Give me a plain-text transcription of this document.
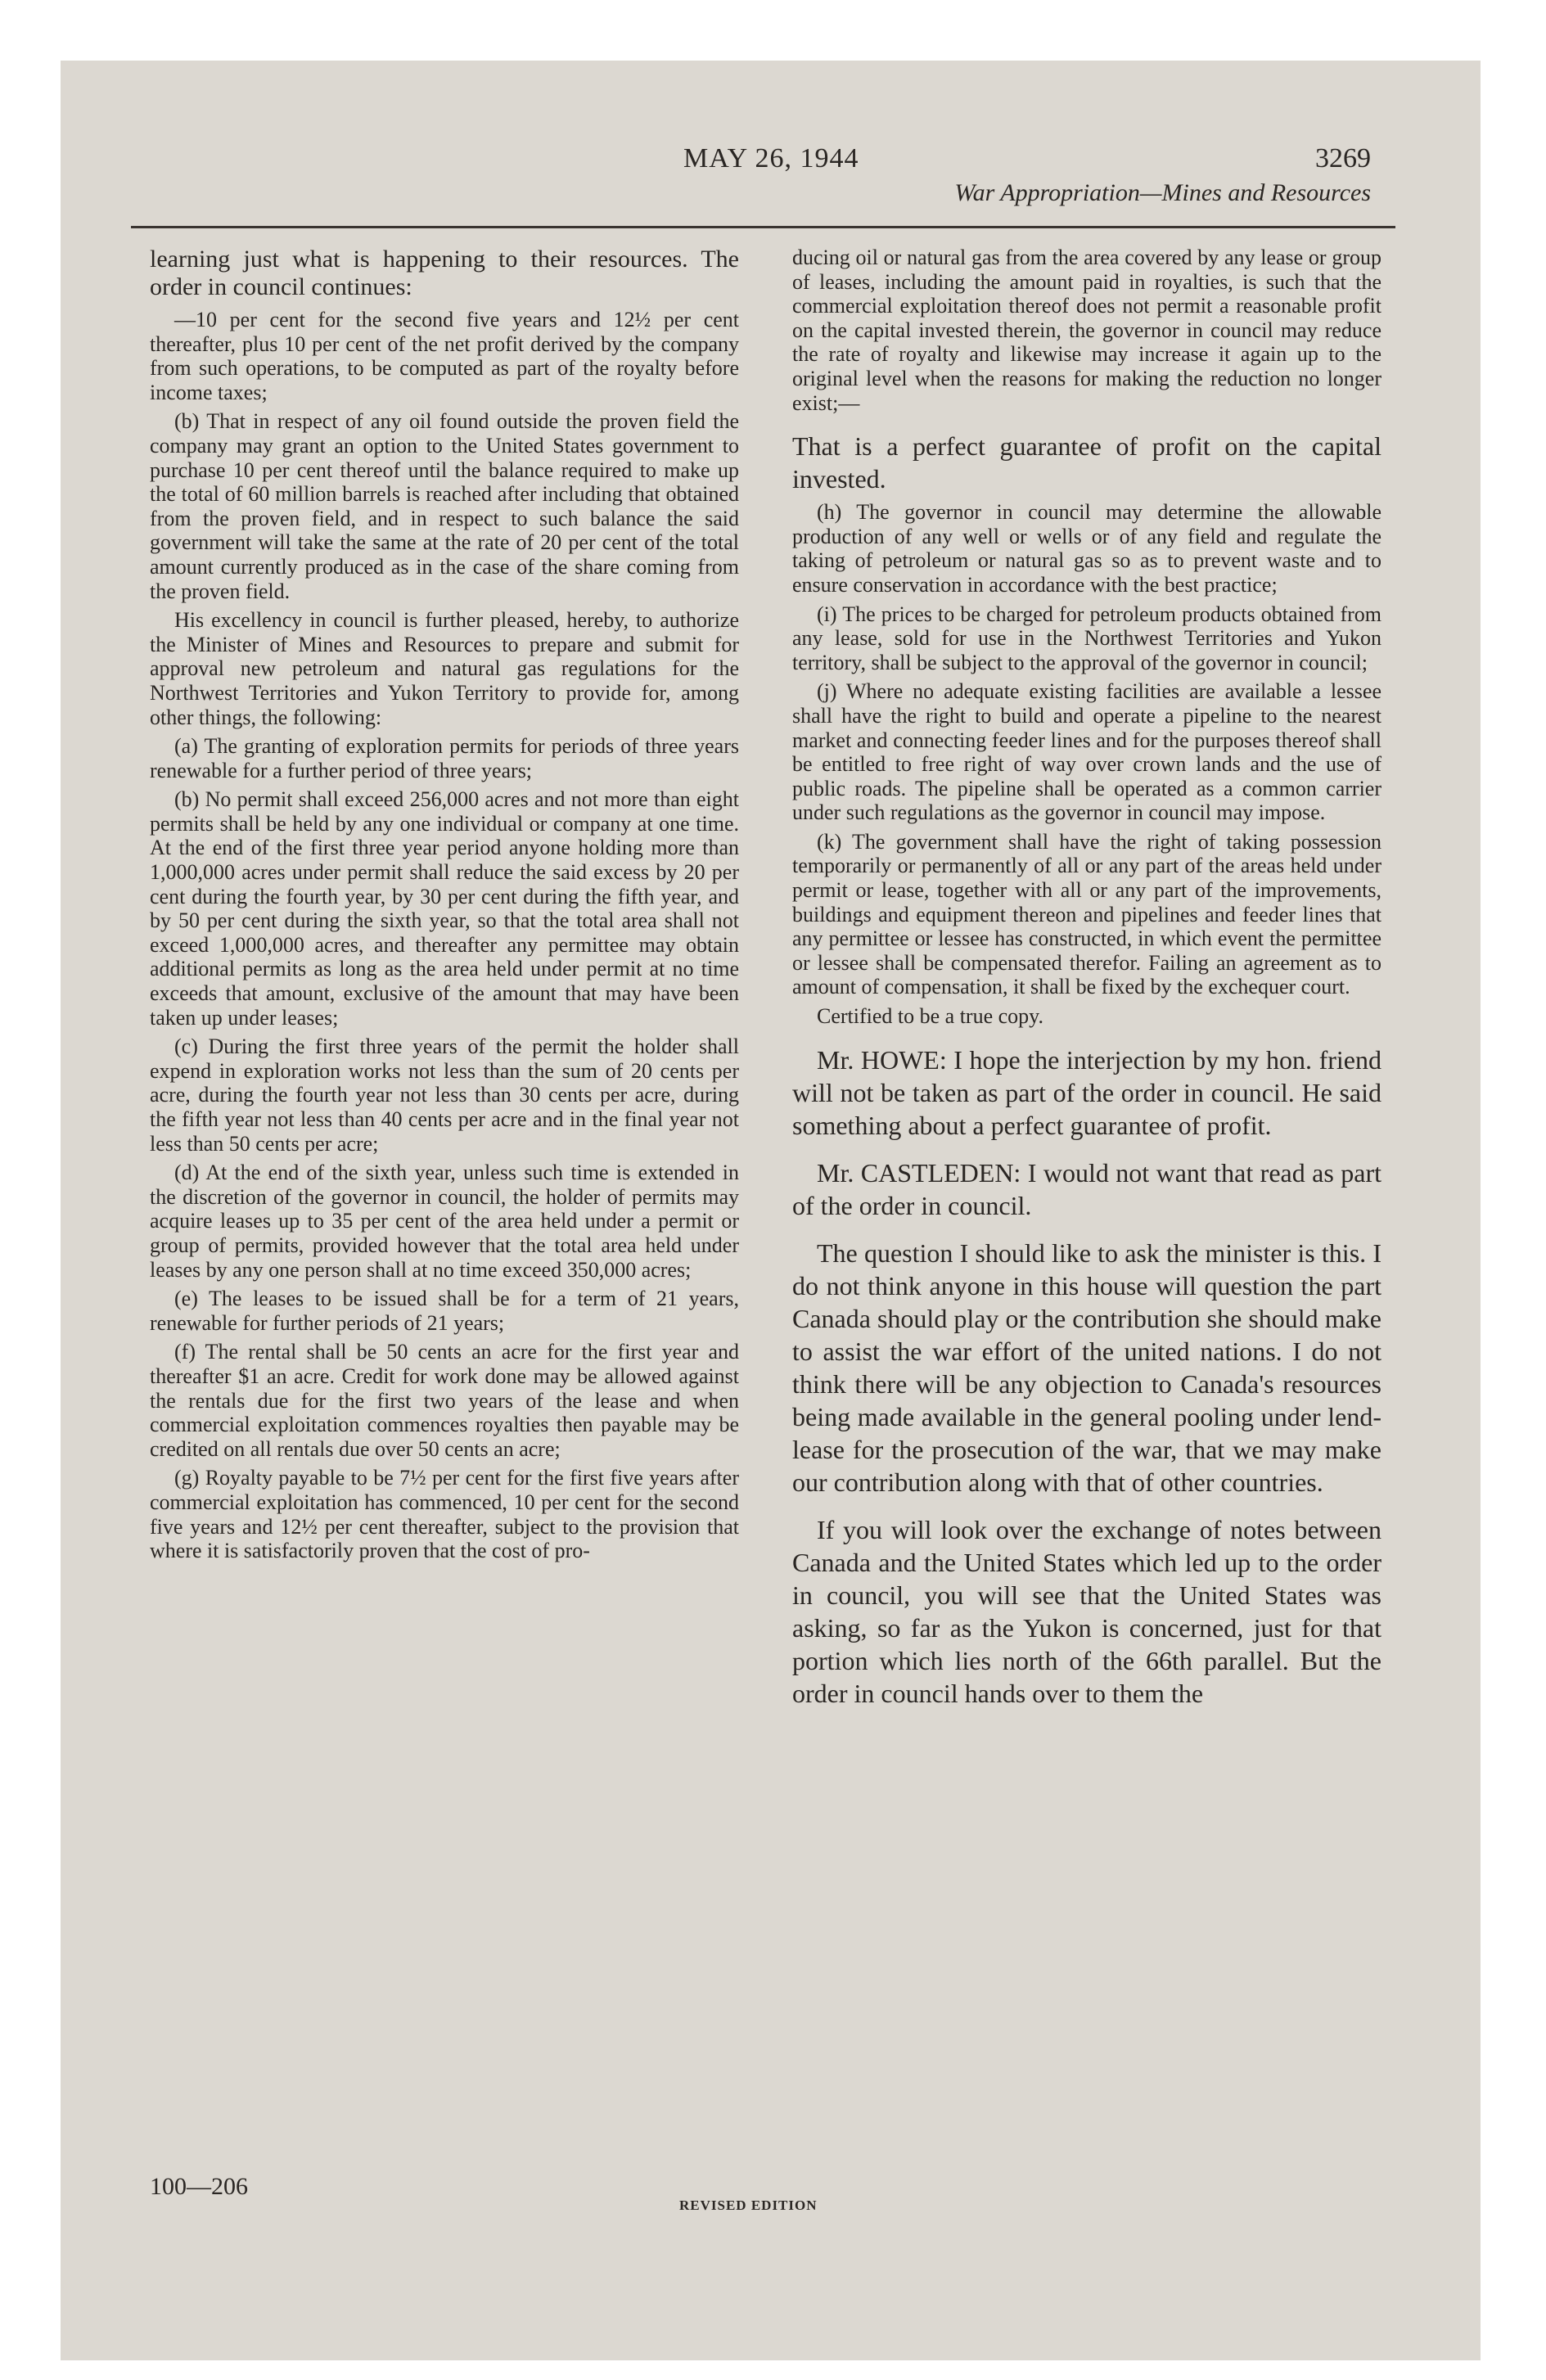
MAY 26, 1944	3269
War Appropriation—Mines and Resources

learning just what is happening to their resources. The order in council continues:

—10 per cent for the second five years and 12½ per cent thereafter, plus 10 per cent of the net profit derived by the company from such operations, to be computed as part of the royalty before income taxes;

(b) That in respect of any oil found outside the proven field the company may grant an option to the United States government to purchase 10 per cent thereof until the balance required to make up the total of 60 million barrels is reached after including that obtained from the proven field, and in respect to such balance the said government will take the same at the rate of 20 per cent of the total amount currently produced as in the case of the share coming from the proven field.

His excellency in council is further pleased, hereby, to authorize the Minister of Mines and Resources to prepare and submit for approval new petroleum and natural gas regulations for the Northwest Territories and Yukon Territory to provide for, among other things, the following:

(a) The granting of exploration permits for periods of three years renewable for a further period of three years;

(b) No permit shall exceed 256,000 acres and not more than eight permits shall be held by any one individual or company at one time. At the end of the first three year period anyone holding more than 1,000,000 acres under permit shall reduce the said excess by 20 per cent during the fourth year, by 30 per cent during the fifth year, and by 50 per cent during the sixth year, so that the total area shall not exceed 1,000,000 acres, and thereafter any permittee may obtain additional permits as long as the area held under permit at no time exceeds that amount, exclusive of the amount that may have been taken up under leases;

(c) During the first three years of the permit the holder shall expend in exploration works not less than the sum of 20 cents per acre, during the fourth year not less than 30 cents per acre, during the fifth year not less than 40 cents per acre and in the final year not less than 50 cents per acre;

(d) At the end of the sixth year, unless such time is extended in the discretion of the governor in council, the holder of permits may acquire leases up to 35 per cent of the area held under a permit or group of permits, provided however that the total area held under leases by any one person shall at no time exceed 350,000 acres;

(e) The leases to be issued shall be for a term of 21 years, renewable for further periods of 21 years;

(f) The rental shall be 50 cents an acre for the first year and thereafter $1 an acre. Credit for work done may be allowed against the rentals due for the first two years of the lease and when commercial exploitation commences royalties then payable may be credited on all rentals due over 50 cents an acre;

(g) Royalty payable to be 7½ per cent for the first five years after commercial exploitation has commenced, 10 per cent for the second five years and 12½ per cent thereafter, subject to the provision that where it is satisfactorily proven that the cost of pro-

ducing oil or natural gas from the area covered by any lease or group of leases, including the amount paid in royalties, is such that the commercial exploitation thereof does not permit a reasonable profit on the capital invested therein, the governor in council may reduce the rate of royalty and likewise may increase it again up to the original level when the reasons for making the reduction no longer exist;—

That is a perfect guarantee of profit on the capital invested.

(h) The governor in council may determine the allowable production of any well or wells or of any field and regulate the taking of petroleum or natural gas so as to prevent waste and to ensure conservation in accordance with the best practice;

(i) The prices to be charged for petroleum products obtained from any lease, sold for use in the Northwest Territories and Yukon territory, shall be subject to the approval of the governor in council;

(j) Where no adequate existing facilities are available a lessee shall have the right to build and operate a pipeline to the nearest market and connecting feeder lines and for the purposes thereof shall be entitled to free right of way over crown lands and the use of public roads. The pipeline shall be operated as a common carrier under such regulations as the governor in council may impose.

(k) The government shall have the right of taking possession temporarily or permanently of all or any part of the areas held under permit or lease, together with all or any part of the improvements, buildings and equipment thereon and pipelines and feeder lines that any permittee or lessee has constructed, in which event the permittee or lessee shall be compensated therefor. Failing an agreement as to amount of compensation, it shall be fixed by the exchequer court.

Certified to be a true copy.

Mr. HOWE: I hope the interjection by my hon. friend will not be taken as part of the order in council. He said something about a perfect guarantee of profit.

Mr. CASTLEDEN: I would not want that read as part of the order in council.

The question I should like to ask the minister is this. I do not think anyone in this house will question the part Canada should play or the contribution she should make to assist the war effort of the united nations. I do not think there will be any objection to Canada's resources being made available in the general pooling under lend-lease for the prosecution of the war, that we may make our contribution along with that of other countries.

If you will look over the exchange of notes between Canada and the United States which led up to the order in council, you will see that the United States was asking, so far as the Yukon is concerned, just for that portion which lies north of the 66th parallel. But the order in council hands over to them the

100—206
REVISED EDITION
